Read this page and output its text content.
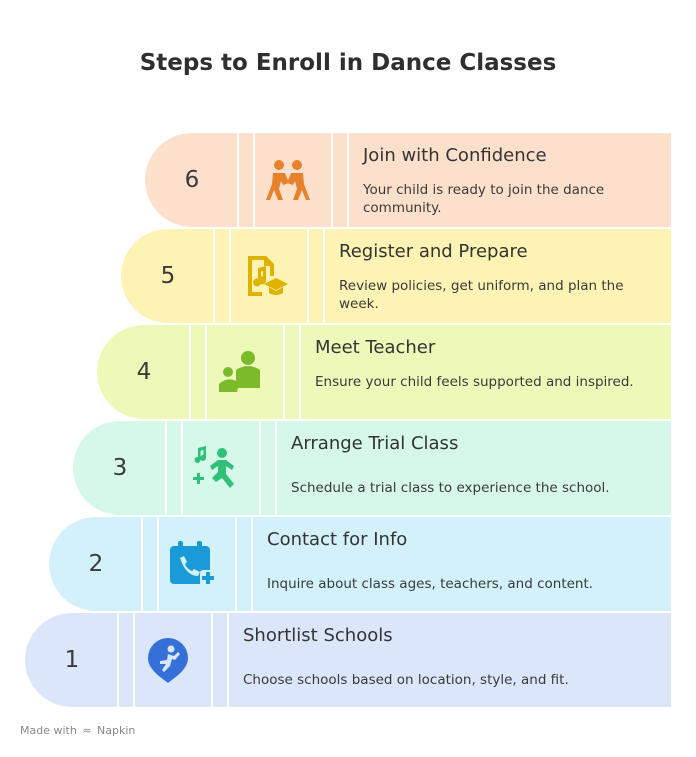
Steps to Enroll in Dance Classes
6
Join with Confidence
Your child is ready to join the dance community.
5
Register and Prepare
Review policies, get uniform, and plan the week.
4
Meet Teacher
Ensure your child feels supported and inspired.
3
Arrange Trial Class
Schedule a trial class to experience the school.
2
Contact for Info
Inquire about class ages, teachers, and content.
1
Shortlist Schools
Choose schools based on location, style, and fit.
Made with ≈ Napkin
